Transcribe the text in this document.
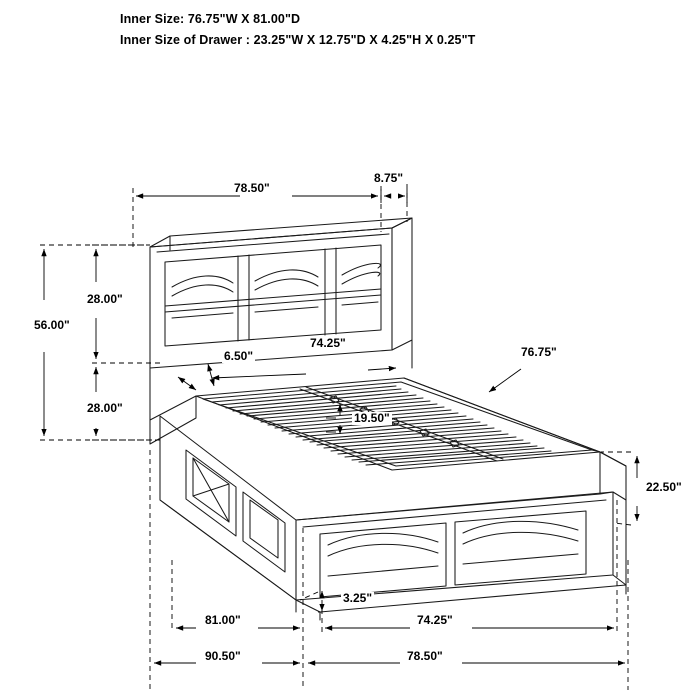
Inner Size: 76.75"W X 81.00"D
Inner Size of Drawer : 23.25"W X 12.75"D X 4.25"H X 0.25"T
78.50"
8.75"
56.00"
28.00"
28.00"
6.50"
74.25"
76.75"
19.50"
22.50"
3.25"
81.00"	74.25"
90.50"	78.50"
